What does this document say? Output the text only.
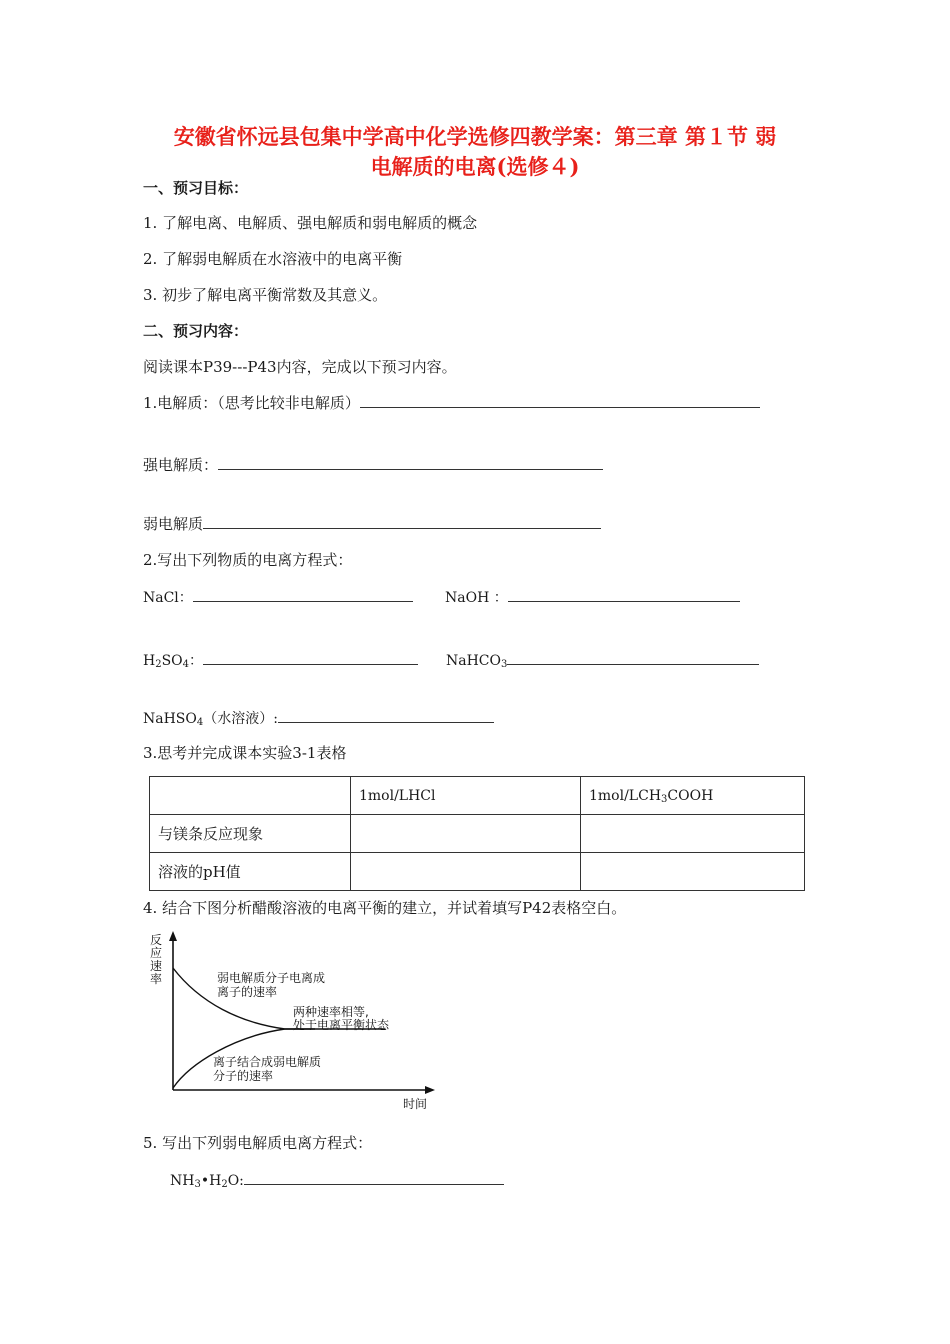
安徽省怀远县包集中学高中化学选修四教学案：第三章 第１节 弱
电解质的电离(选修４)
一、预习目标：
1. 了解电离、电解质、强电解质和弱电解质的概念
2. 了解弱电解质在水溶液中的电离平衡
3. 初步了解电离平衡常数及其意义。
二、预习内容：
阅读课本P39---P43内容，完成以下预习内容。
1.电解质：（思考比较非电解质）
强电解质：
弱电解质
2.写出下列物质的电离方程式：
NaCl：	NaOH ：
$H_2SO_4$：	NaHCO$_3$
NaHSO$_4$（水溶液）:
3.思考并完成课本实验3-1表格
	1mol/LHCl	$1mol/LCH_3COOH$
与镁条反应现象		
溶液的pH值		
4. 结合下图分析醋酸溶液的电离平衡的建立，并试着填写P42表格空白。
反
应
速
率	弱电解质分子电离成
离子的速率
两种速率相等,
处于电离平衡状态
离子结合成弱电解质
分子的速率
时间
5. 写出下列弱电解质电离方程式：
$NH_3•H_2O$:
